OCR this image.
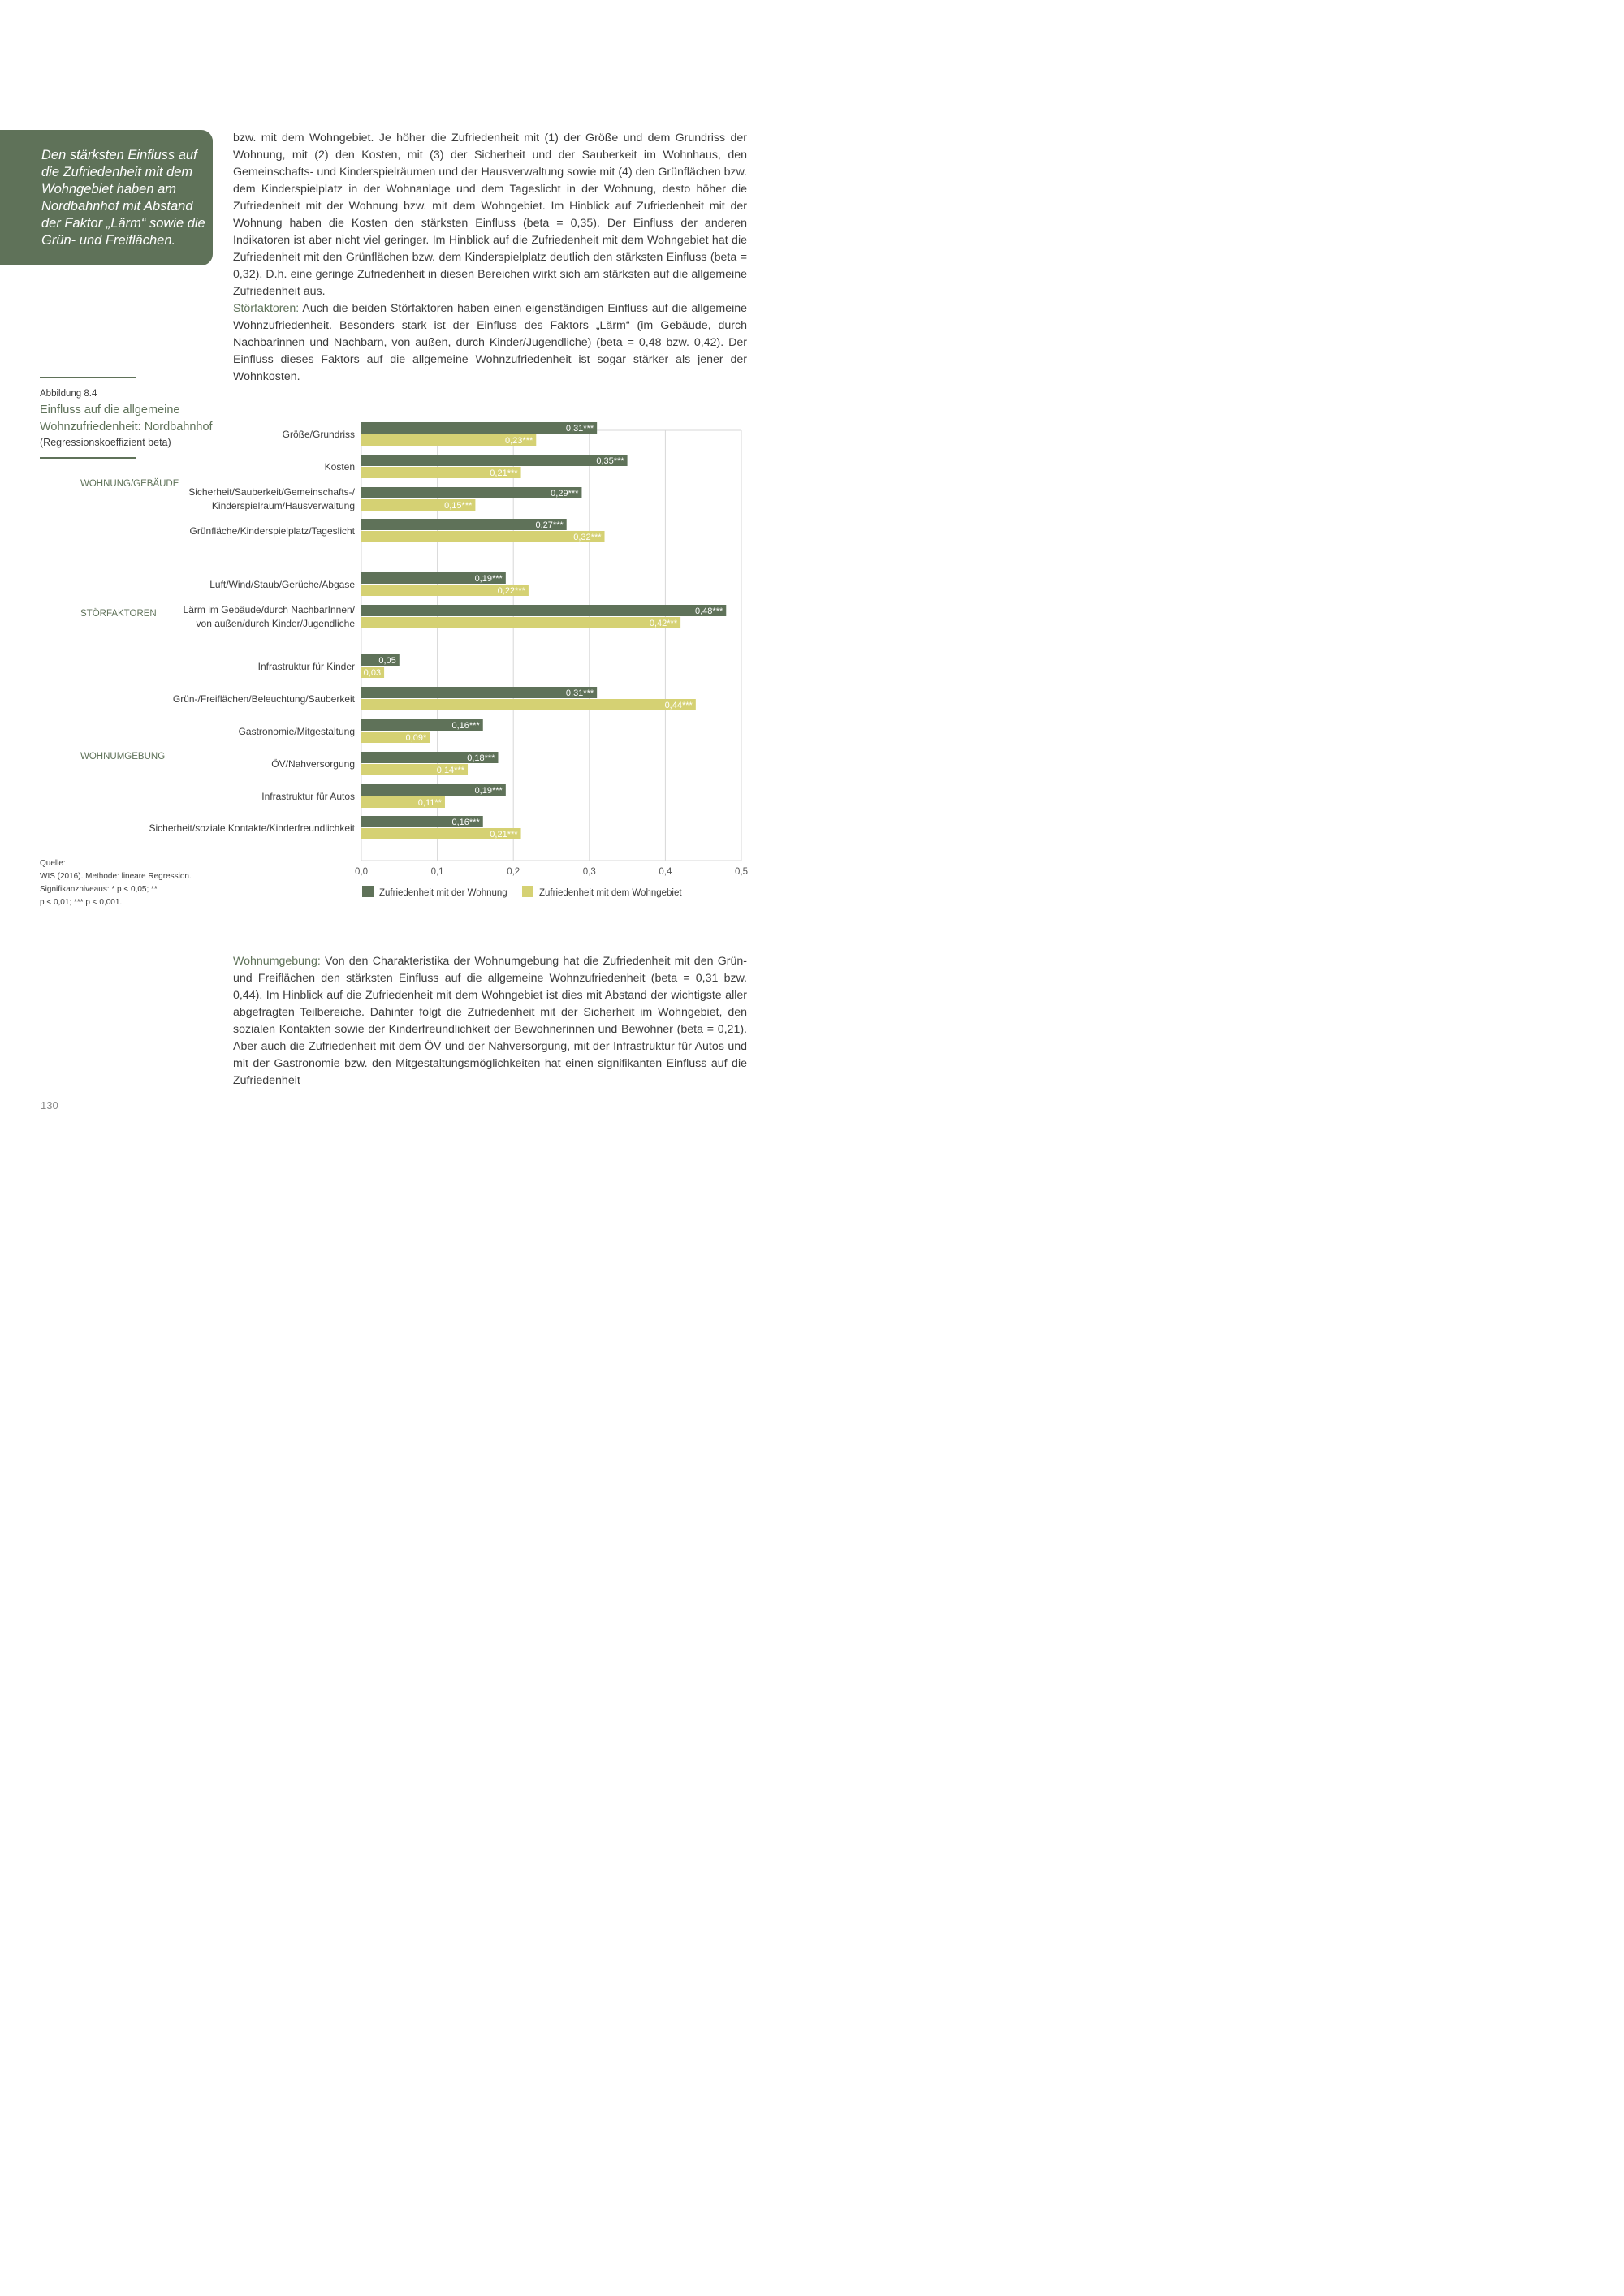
Den stärksten Einfluss auf die Zufriedenheit mit dem Wohngebiet haben am Nordbahnhof mit Abstand der Faktor „Lärm“ sowie die Grün- und Freiflächen.
bzw. mit dem Wohngebiet. Je höher die Zufriedenheit mit (1) der Größe und dem Grundriss der Wohnung, mit (2) den Kosten, mit (3) der Sicherheit und der Sauberkeit im Wohnhaus, den Gemeinschafts- und Kinderspielräumen und der Hausverwaltung sowie mit (4) den Grünflächen bzw. dem Kinderspielplatz in der Wohnanlage und dem Tageslicht in der Wohnung, desto höher die Zufriedenheit mit der Wohnung bzw. mit dem Wohngebiet. Im Hinblick auf Zufriedenheit mit der Wohnung haben die Kosten den stärksten Einfluss (beta = 0,35). Der Einfluss der anderen Indikatoren ist aber nicht viel geringer. Im Hinblick auf die Zufriedenheit mit dem Wohngebiet hat die Zufriedenheit mit den Grünflächen bzw. dem Kinderspielplatz deutlich den stärksten Einfluss (beta = 0,32). D.h. eine geringe Zufriedenheit in diesen Bereichen wirkt sich am stärksten auf die allgemeine Zufriedenheit aus.
Störfaktoren: Auch die beiden Störfaktoren haben einen eigenständigen Einfluss auf die allgemeine Wohnzufriedenheit. Besonders stark ist der Einfluss des Faktors „Lärm“ (im Gebäude, durch Nachbarinnen und Nachbarn, von außen, durch Kinder/Jugendliche) (beta = 0,48 bzw. 0,42). Der Einfluss dieses Faktors auf die allgemeine Wohnzufriedenheit ist sogar stärker als jener der Wohnkosten.
Abbildung 8.4
Einfluss auf die allgemeine
Wohnzufriedenheit: Nordbahnhof
(Regressionskoeffizient beta)
WOHNUNG/GEBÄUDE
STÖRFAKTOREN
WOHNUMGEBUNG
0,31***
0,23***
0,35***
0,21***
0,29***
0,15***
0,27***
0,32***
0,19***
0,22***
0,48***
0,42***
0,05
0,03
0,31***
0,44***
0,16***
0,09*
0,18***
0,14***
0,19***
0,11**
0,16***
0,21***
Größe/Grundriss
Kosten
Sicherheit/Sauberkeit/Gemeinschafts-/
Kinderspielraum/Hausverwaltung
Grünfläche/Kinderspielplatz/Tageslicht
Luft/Wind/Staub/Gerüche/Abgase
Lärm im Gebäude/durch NachbarInnen/
von außen/durch Kinder/Jugendliche
Infrastruktur für Kinder
Grün-/Freiflächen/Beleuchtung/Sauberkeit
Gastronomie/Mitgestaltung
ÖV/Nahversorgung
Infrastruktur für Autos
Sicherheit/soziale Kontakte/Kinderfreundlichkeit
0,0	0,1	0,2	0,3	0,4	0,5
Zufriedenheit mit der Wohnung	Zufriedenheit mit dem Wohngebiet
Quelle:
WIS (2016). Methode: lineare Regression.
Signifikanzniveaus: * p < 0,05; **
p < 0,01; *** p < 0,001.
Wohnumgebung: Von den Charakteristika der Wohnumgebung hat die Zufriedenheit mit den Grün- und Freiflächen den stärksten Einfluss auf die allgemeine Wohnzufriedenheit (beta = 0,31 bzw. 0,44). Im Hinblick auf die Zufriedenheit mit dem Wohngebiet ist dies mit Abstand der wichtigste aller abgefragten Teilbereiche. Dahinter folgt die Zufriedenheit mit der Sicherheit im Wohngebiet, den sozialen Kontakten sowie der Kinderfreundlichkeit der Bewohnerinnen und Bewohner (beta = 0,21). Aber auch die Zufriedenheit mit dem ÖV und der Nahversorgung, mit der Infrastruktur für Autos und mit der Gastronomie bzw. den Mitgestaltungsmöglichkeiten hat einen signifikanten Einfluss auf die Zufriedenheit
130
